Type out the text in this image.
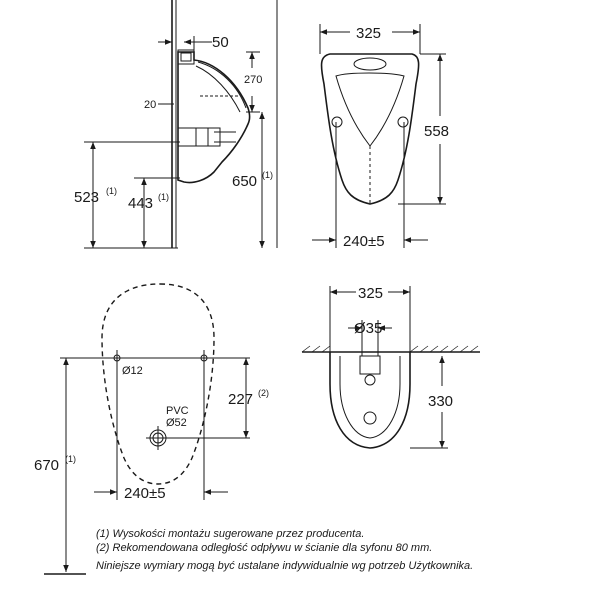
50
270
20
523 (1)
443 (1)
650 (1)
325
558
240±5
Ø12
PVC
Ø52
227 (2)
670 (1)
240±5
325
Ø35
330
(1) Wysokości montażu sugerowane przez producenta.
(2) Rekomendowana odległość odpływu w ścianie dla syfonu 80 mm.
Niniejsze wymiary mogą być ustalane indywidualnie wg potrzeb Użytkownika.
